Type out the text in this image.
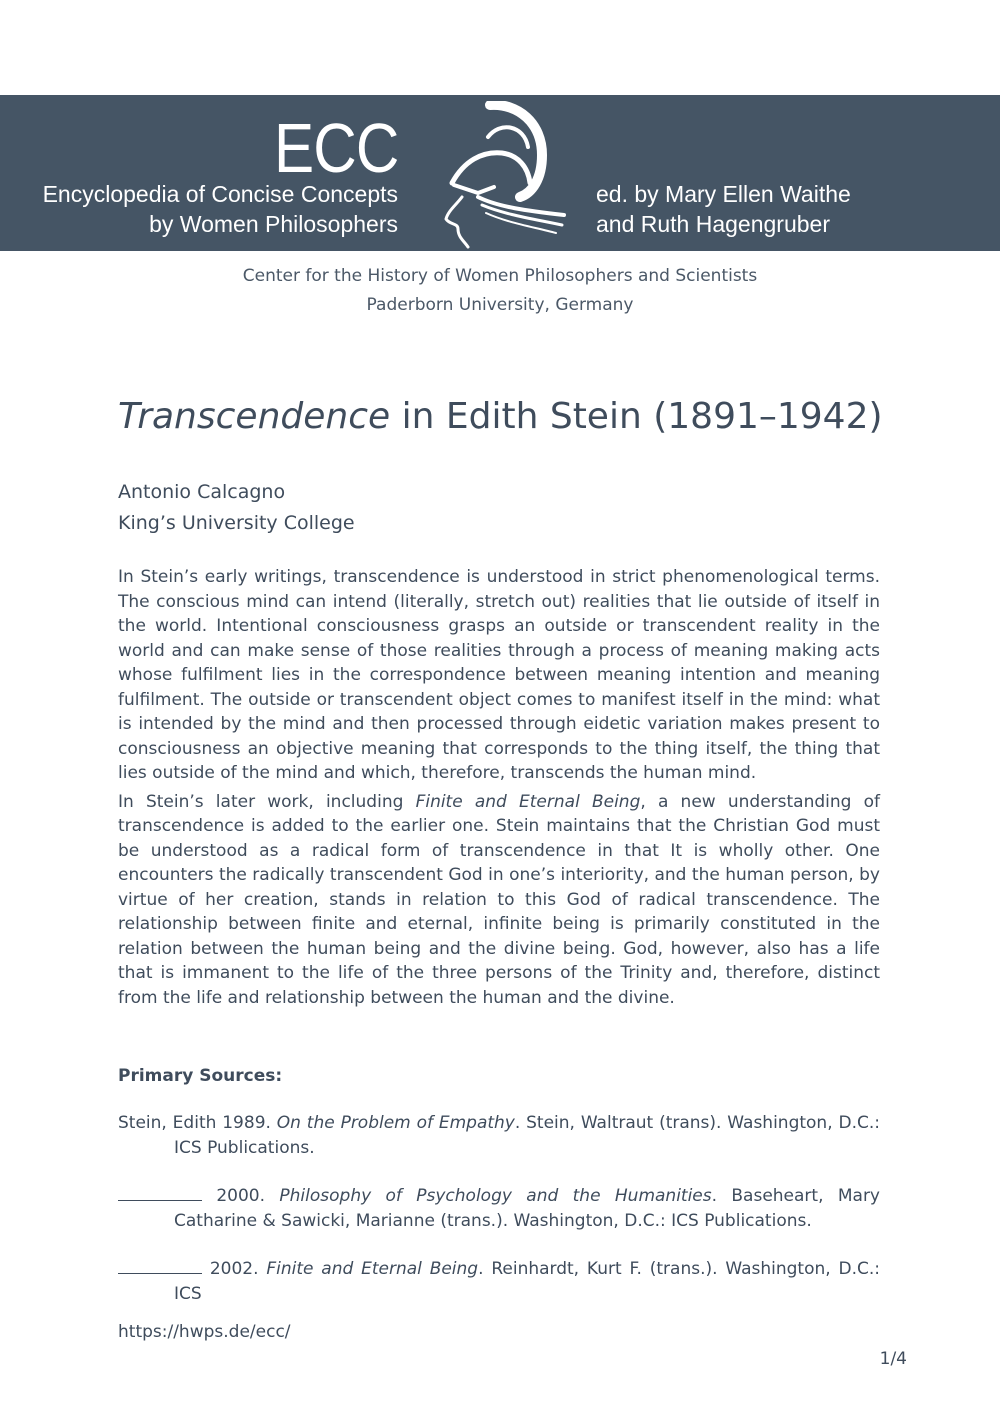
ECC
Encyclopedia of Concise Concepts
by Women Philosophers
ed. by Mary Ellen Waithe
and Ruth Hagengruber
Center for the History of Women Philosophers and Scientists
Paderborn University, Germany
Transcendence in Edith Stein (1891–1942)
Antonio Calcagno
King’s University College

In Stein’s early writings, transcendence is understood in strict phenomenological terms. The conscious mind can intend (literally, stretch out) realities that lie outside of itself in the world. Intentional consciousness grasps an outside or transcendent reality in the world and can make sense of those realities through a process of meaning making acts whose fulfilment lies in the correspondence between meaning intention and meaning fulfilment. The outside or transcendent object comes to manifest itself in the mind: what is intended by the mind and then processed through eidetic variation makes present to consciousness an objective meaning that corresponds to the thing itself, the thing that lies outside of the mind and which, therefore, transcends the human mind.

In Stein’s later work, including Finite and Eternal Being, a new understanding of transcendence is added to the earlier one. Stein maintains that the Christian God must be understood as a radical form of transcendence in that It is wholly other. One encounters the radically transcendent God in one’s interiority, and the human person, by virtue of her creation, stands in relation to this God of radical transcendence. The relationship between finite and eternal, infinite being is primarily constituted in the relation between the human being and the divine being. God, however, also has a life that is immanent to the life of the three persons of the Trinity and, therefore, distinct from the life and relationship between the human and the divine.

Primary Sources:
Stein, Edith 1989. On the Problem of Empathy. Stein, Waltraut (trans). Washington, D.C.: ICS Publications.
2000. Philosophy of Psychology and the Humanities. Baseheart, Mary Catharine & Sawicki, Marianne (trans.). Washington, D.C.: ICS Publications.
2002. Finite and Eternal Being. Reinhardt, Kurt F. (trans.). Washington, D.C.: ICS
https://hwps.de/ecc/
1/4
